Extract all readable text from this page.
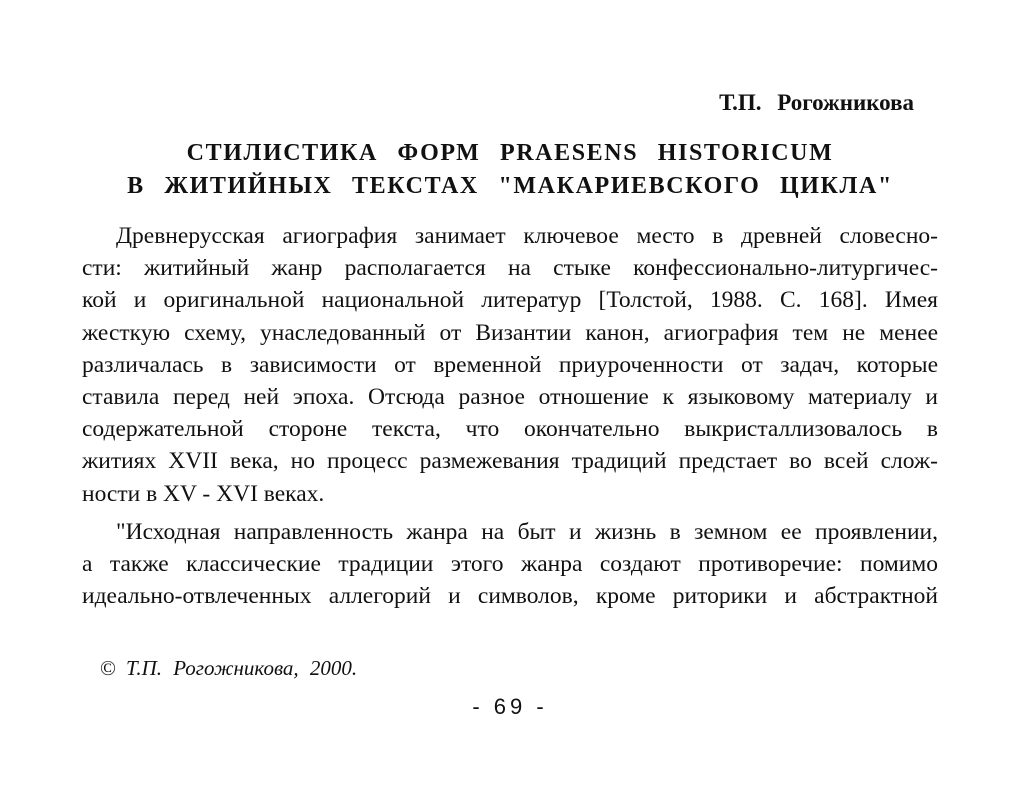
Т.П. Рогожникова
СТИЛИСТИКА ФОРМ PRAESENS HISTORICUM
В ЖИТИЙНЫХ ТЕКСТАХ "МАКАРИЕВСКОГО ЦИКЛА"
Древнерусская агиография занимает ключевое место в древней словесно-
сти: житийный жанр располагается на стыке конфессионально-литургичес-
кой и оригинальной национальной литератур [Толстой, 1988. С. 168]. Имея
жесткую схему, унаследованный от Византии канон, агиография тем не менее
различалась в зависимости от временной приуроченности от задач, которые
ставила перед ней эпоха. Отсюда разное отношение к языковому материалу и
содержательной стороне текста, что окончательно выкристаллизовалось в
житиях XVII века, но процесс размежевания традиций предстает во всей слож-
ности в XV - XVI веках.
"Исходная направленность жанра на быт и жизнь в земном ее проявлении,
а также классические традиции этого жанра создают противоречие: помимо
идеально-отвлеченных аллегорий и символов, кроме риторики и абстрактной
© Т.П. Рогожникова, 2000.
- 69 -
